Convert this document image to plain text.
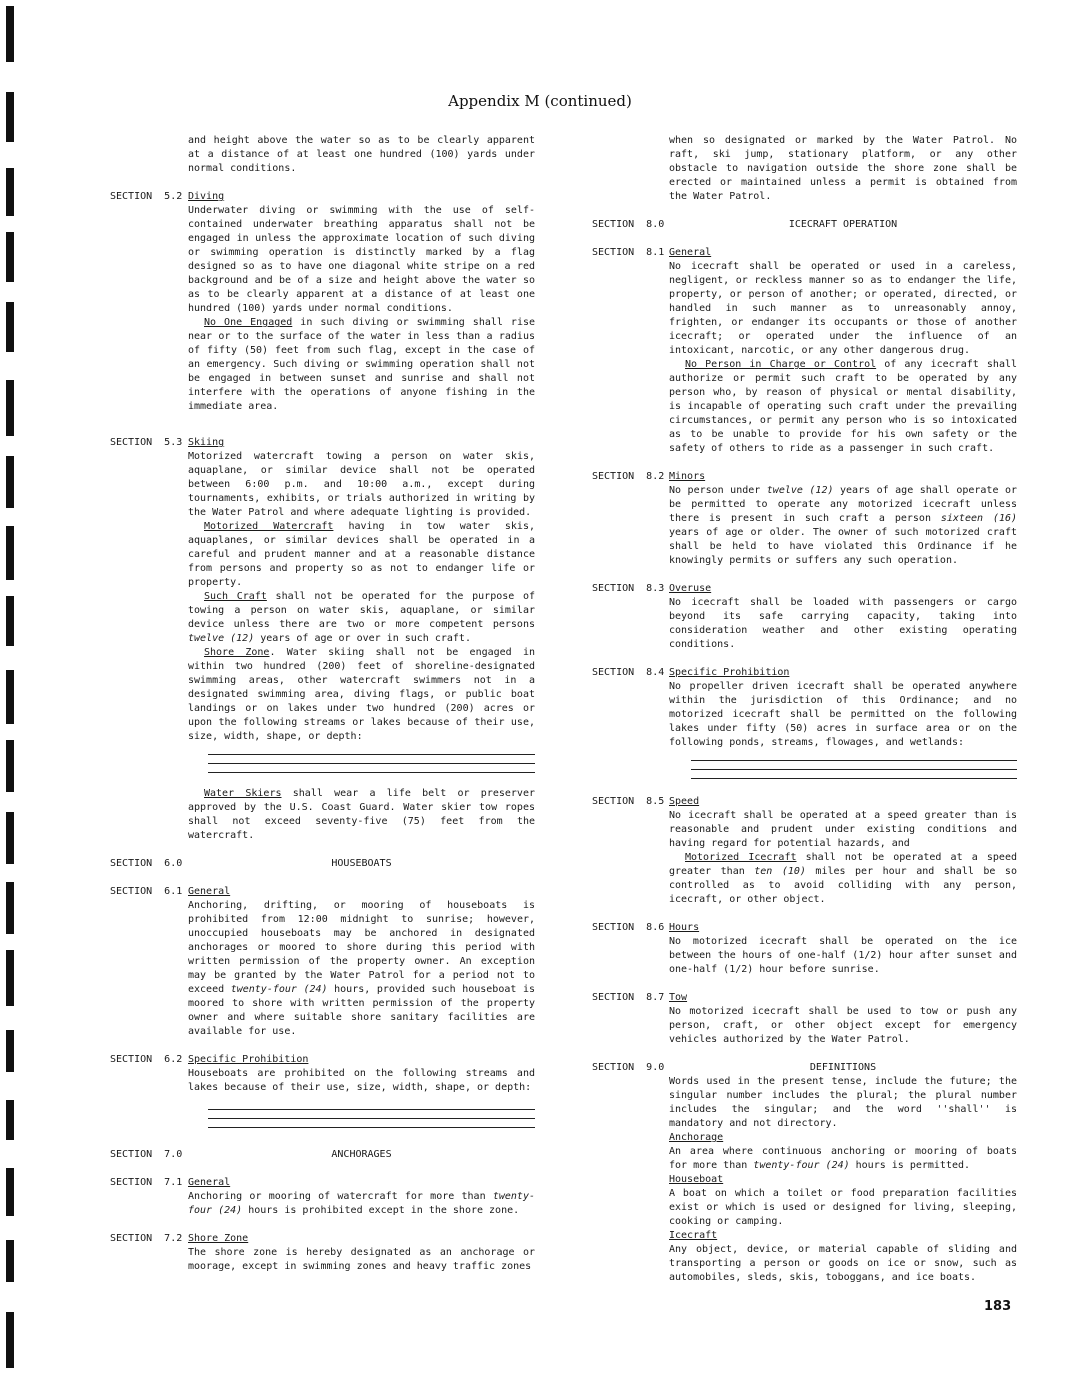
Appendix M (continued)

and height above the water so as to be clearly apparent at a distance of at least one hundred (100) yards under normal conditions.

SECTION  5.2 Diving

Underwater diving or swimming with the use of self-contained underwater breathing apparatus shall not be engaged in unless the approximate location of such diving or swimming operation is distinctly marked by a flag designed so as to have one diagonal white stripe on a red background and be of a size and height above the water so as to be clearly apparent at a distance of at least one hundred (100) yards under normal conditions.

No One Engaged in such diving or swimming shall rise near or to the surface of the water in less than a radius of fifty (50) feet from such flag, except in the case of an emergency. Such diving or swimming operation shall not be engaged in between sunset and sunrise and shall not interfere with the operations of anyone fishing in the immediate area.

SECTION  5.3 Skiing

Motorized watercraft towing a person on water skis, aquaplane, or similar device shall not be operated between 6:00 p.m. and 10:00 a.m., except during tournaments, exhibits, or trials authorized in writing by the Water Patrol and where adequate lighting is provided.

Motorized Watercraft having in tow water skis, aquaplanes, or similar devices shall be operated in a careful and prudent manner and at a reasonable distance from persons and property so as not to endanger life or property.

Such Craft shall not be operated for the purpose of towing a person on water skis, aquaplane, or similar device unless there are two or more competent persons twelve (12) years of age or over in such craft.

Shore Zone. Water skiing shall not be engaged in within two hundred (200) feet of shoreline-designated swimming areas, other watercraft swimmers not in a designated swimming area, diving flags, or public boat landings or on lakes under two hundred (200) acres or upon the following streams or lakes because of their use, size, width, shape, or depth:

Water Skiers shall wear a life belt or preserver approved by the U.S. Coast Guard. Water skier tow ropes shall not exceed seventy-five (75) feet from the watercraft.

SECTION  6.0	HOUSEBOATS
SECTION  6.1 General

Anchoring, drifting, or mooring of houseboats is prohibited from 12:00 midnight to sunrise; however, unoccupied houseboats may be anchored in designated anchorages or moored to shore during this period with written permission of the property owner. An exception may be granted by the Water Patrol for a period not to exceed twenty-four (24) hours, provided such houseboat is moored to shore with written permission of the property owner and where suitable shore sanitary facilities are available for use.

SECTION  6.2 Specific Prohibition

Houseboats are prohibited on the following streams and lakes because of their use, size, width, shape, or depth:

SECTION  7.0	ANCHORAGES
SECTION  7.1 General

Anchoring or mooring of watercraft for more than twenty-four (24) hours is prohibited except in the shore zone.

SECTION  7.2 Shore Zone

The shore zone is hereby designated as an anchorage or moorage, except in swimming zones and heavy traffic zones

when so designated or marked by the Water Patrol. No raft, ski jump, stationary platform, or any other obstacle to navigation outside the shore zone shall be erected or maintained unless a permit is obtained from the Water Patrol.

SECTION  8.0	ICECRAFT OPERATION
SECTION  8.1 General

No icecraft shall be operated or used in a careless, negligent, or reckless manner so as to endanger the life, property, or person of another; or operated, directed, or handled in such manner as to unreasonably annoy, frighten, or endanger its occupants or those of another icecraft; or operated under the influence of an intoxicant, narcotic, or any other dangerous drug.

No Person in Charge or Control of any icecraft shall authorize or permit such craft to be operated by any person who, by reason of physical or mental disability, is incapable of operating such craft under the prevailing circumstances, or permit any person who is so intoxicated as to be unable to provide for his own safety or the safety of others to ride as a passenger in such craft.

SECTION  8.2 Minors

No person under twelve (12) years of age shall operate or be permitted to operate any motorized icecraft unless there is present in such craft a person sixteen (16) years of age or older. The owner of such motorized craft shall be held to have violated this Ordinance if he knowingly permits or suffers any such operation.

SECTION  8.3 Overuse

No icecraft shall be loaded with passengers or cargo beyond its safe carrying capacity, taking into consideration weather and other existing operating conditions.

SECTION  8.4 Specific Prohibition

No propeller driven icecraft shall be operated anywhere within the jurisdiction of this Ordinance; and no motorized icecraft shall be permitted on the following lakes under fifty (50) acres in surface area or on the following ponds, streams, flowages, and wetlands:

SECTION  8.5 Speed

No icecraft shall be operated at a speed greater than is reasonable and prudent under existing conditions and having regard for potential hazards, and

Motorized Icecraft shall not be operated at a speed greater than ten (10) miles per hour and shall be so controlled as to avoid colliding with any person, icecraft, or other object.

SECTION  8.6 Hours

No motorized icecraft shall be operated on the ice between the hours of one-half (1/2) hour after sunset and one-half (1/2) hour before sunrise.

SECTION  8.7 Tow

No motorized icecraft shall be used to tow or push any person, craft, or other object except for emergency vehicles authorized by the Water Patrol.

SECTION  9.0	DEFINITIONS

Words used in the present tense, include the future; the singular number includes the plural; the plural number includes the singular; and the word ''shall'' is mandatory and not directory.

Anchorage

An area where continuous anchoring or mooring of boats for more than twenty-four (24) hours is permitted.

Houseboat

A boat on which a toilet or food preparation facilities exist or which is used or designed for living, sleeping, cooking or camping.

Icecraft

Any object, device, or material capable of sliding and transporting a person or goods on ice or snow, such as automobiles, sleds, skis, toboggans, and ice boats.

183
